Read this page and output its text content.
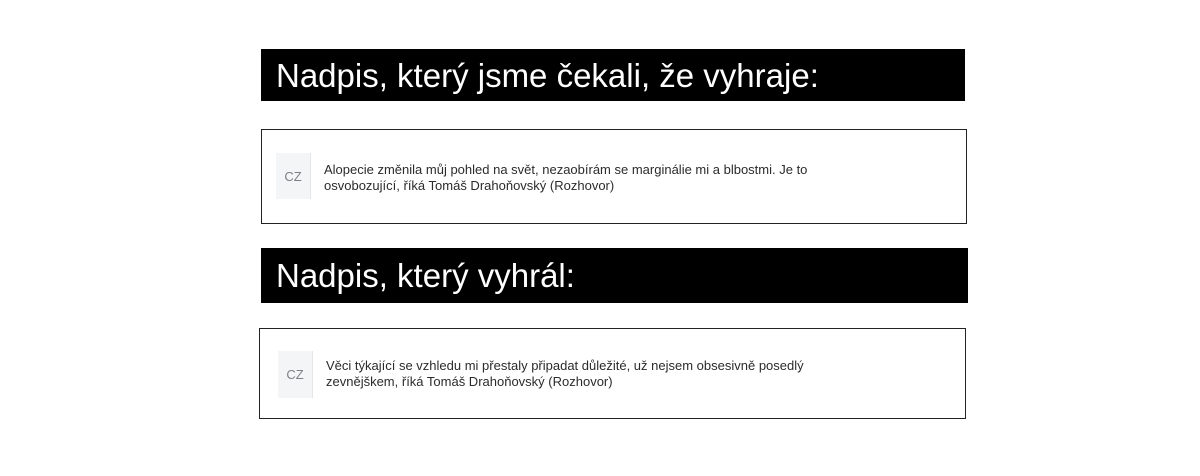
Nadpis, který jsme čekali, že vyhraje:
CZ	Alopecie změnila můj pohled na svět, nezaobírám se marginálie mi a blbostmi. Je to
osvobozující, říká Tomáš Drahoňovský (Rozhovor)
Nadpis, který vyhrál:
CZ
Věci týkající se vzhledu mi přestaly připadat důležité, už nejsem obsesivně posedlý
zevnějškem, říká Tomáš Drahoňovský (Rozhovor)
